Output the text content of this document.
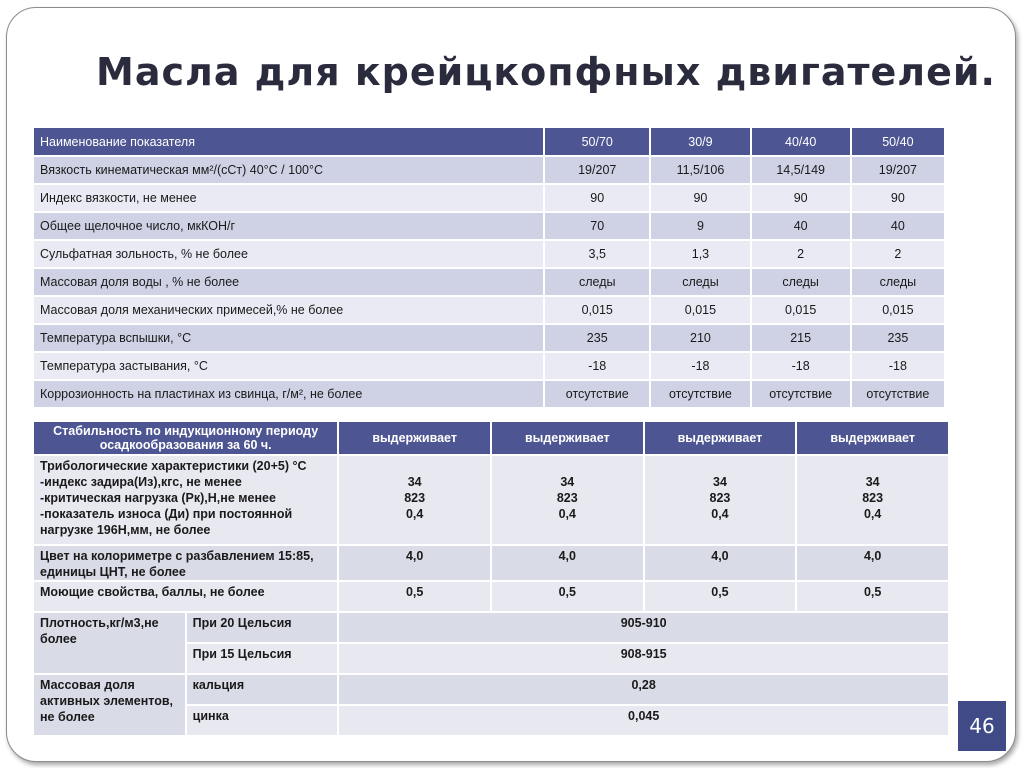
Масла для крейцкопфных двигателей.
Наименование показателя	50/70	30/9	40/40	50/40
Вязкость кинематическая мм²/(сСт) 40°С / 100°С	19/207	11,5/106	14,5/149	19/207
Индекс вязкости, не менее	90	90	90	90
Общее щелочное число, мкКОН/г	70	9	40	40
Сульфатная зольность, % не более	3,5	1,3	2	2
Массовая доля воды , % не более	следы	следы	следы	следы
Массовая доля механических примесей,% не более	0,015	0,015	0,015	0,015
Температура вспышки, °С	235	210	215	235
Температура застывания, °С	-18	-18	-18	-18
Коррозионность на пластинах из свинца, г/м², не более	отсутствие	отсутствие	отсутствие	отсутствие
Стабильность по индукционному периоду осадкообразования за 60 ч.		выдерживает	выдерживает	выдерживает	выдерживает
Трибологические характеристики (20+5) °С
-индекс задира(Из),кгс, не менее
-критическая нагрузка (Рк),Н,не менее
-показатель износа (Ди) при постоянной нагрузке 196Н,мм, не более		34
823
0,4	34
823
0,4	34
823
0,4	34
823
0,4
Цвет на колориметре с разбавлением 15:85, единицы ЦНТ, не более		4,0	4,0	4,0	4,0
Моющие свойства, баллы, не более		0,5	0,5	0,5	0,5
Плотность,кг/м3,не более	При 20 Цельсия	905-910			
	При 15 Цельсия	908-915			
Массовая доля активных элементов, не более	кальция	0,28			
	цинка	0,045				46
